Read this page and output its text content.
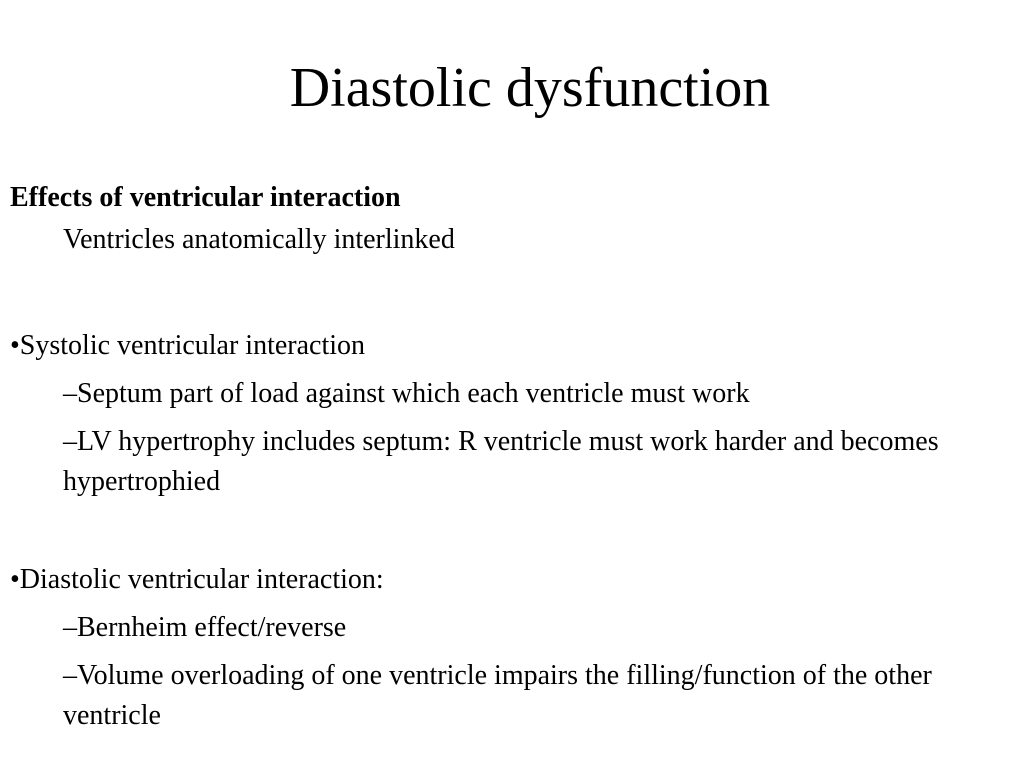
Diastolic dysfunction

Effects of ventricular interaction

Ventricles anatomically interlinked

•Systolic ventricular interaction

–Septum part of load against which each ventricle must work

–LV hypertrophy includes septum: R ventricle must work harder and becomes hypertrophied

•Diastolic ventricular interaction:

–Bernheim effect/reverse

–Volume overloading of one ventricle impairs the filling/function of the other ventricle
